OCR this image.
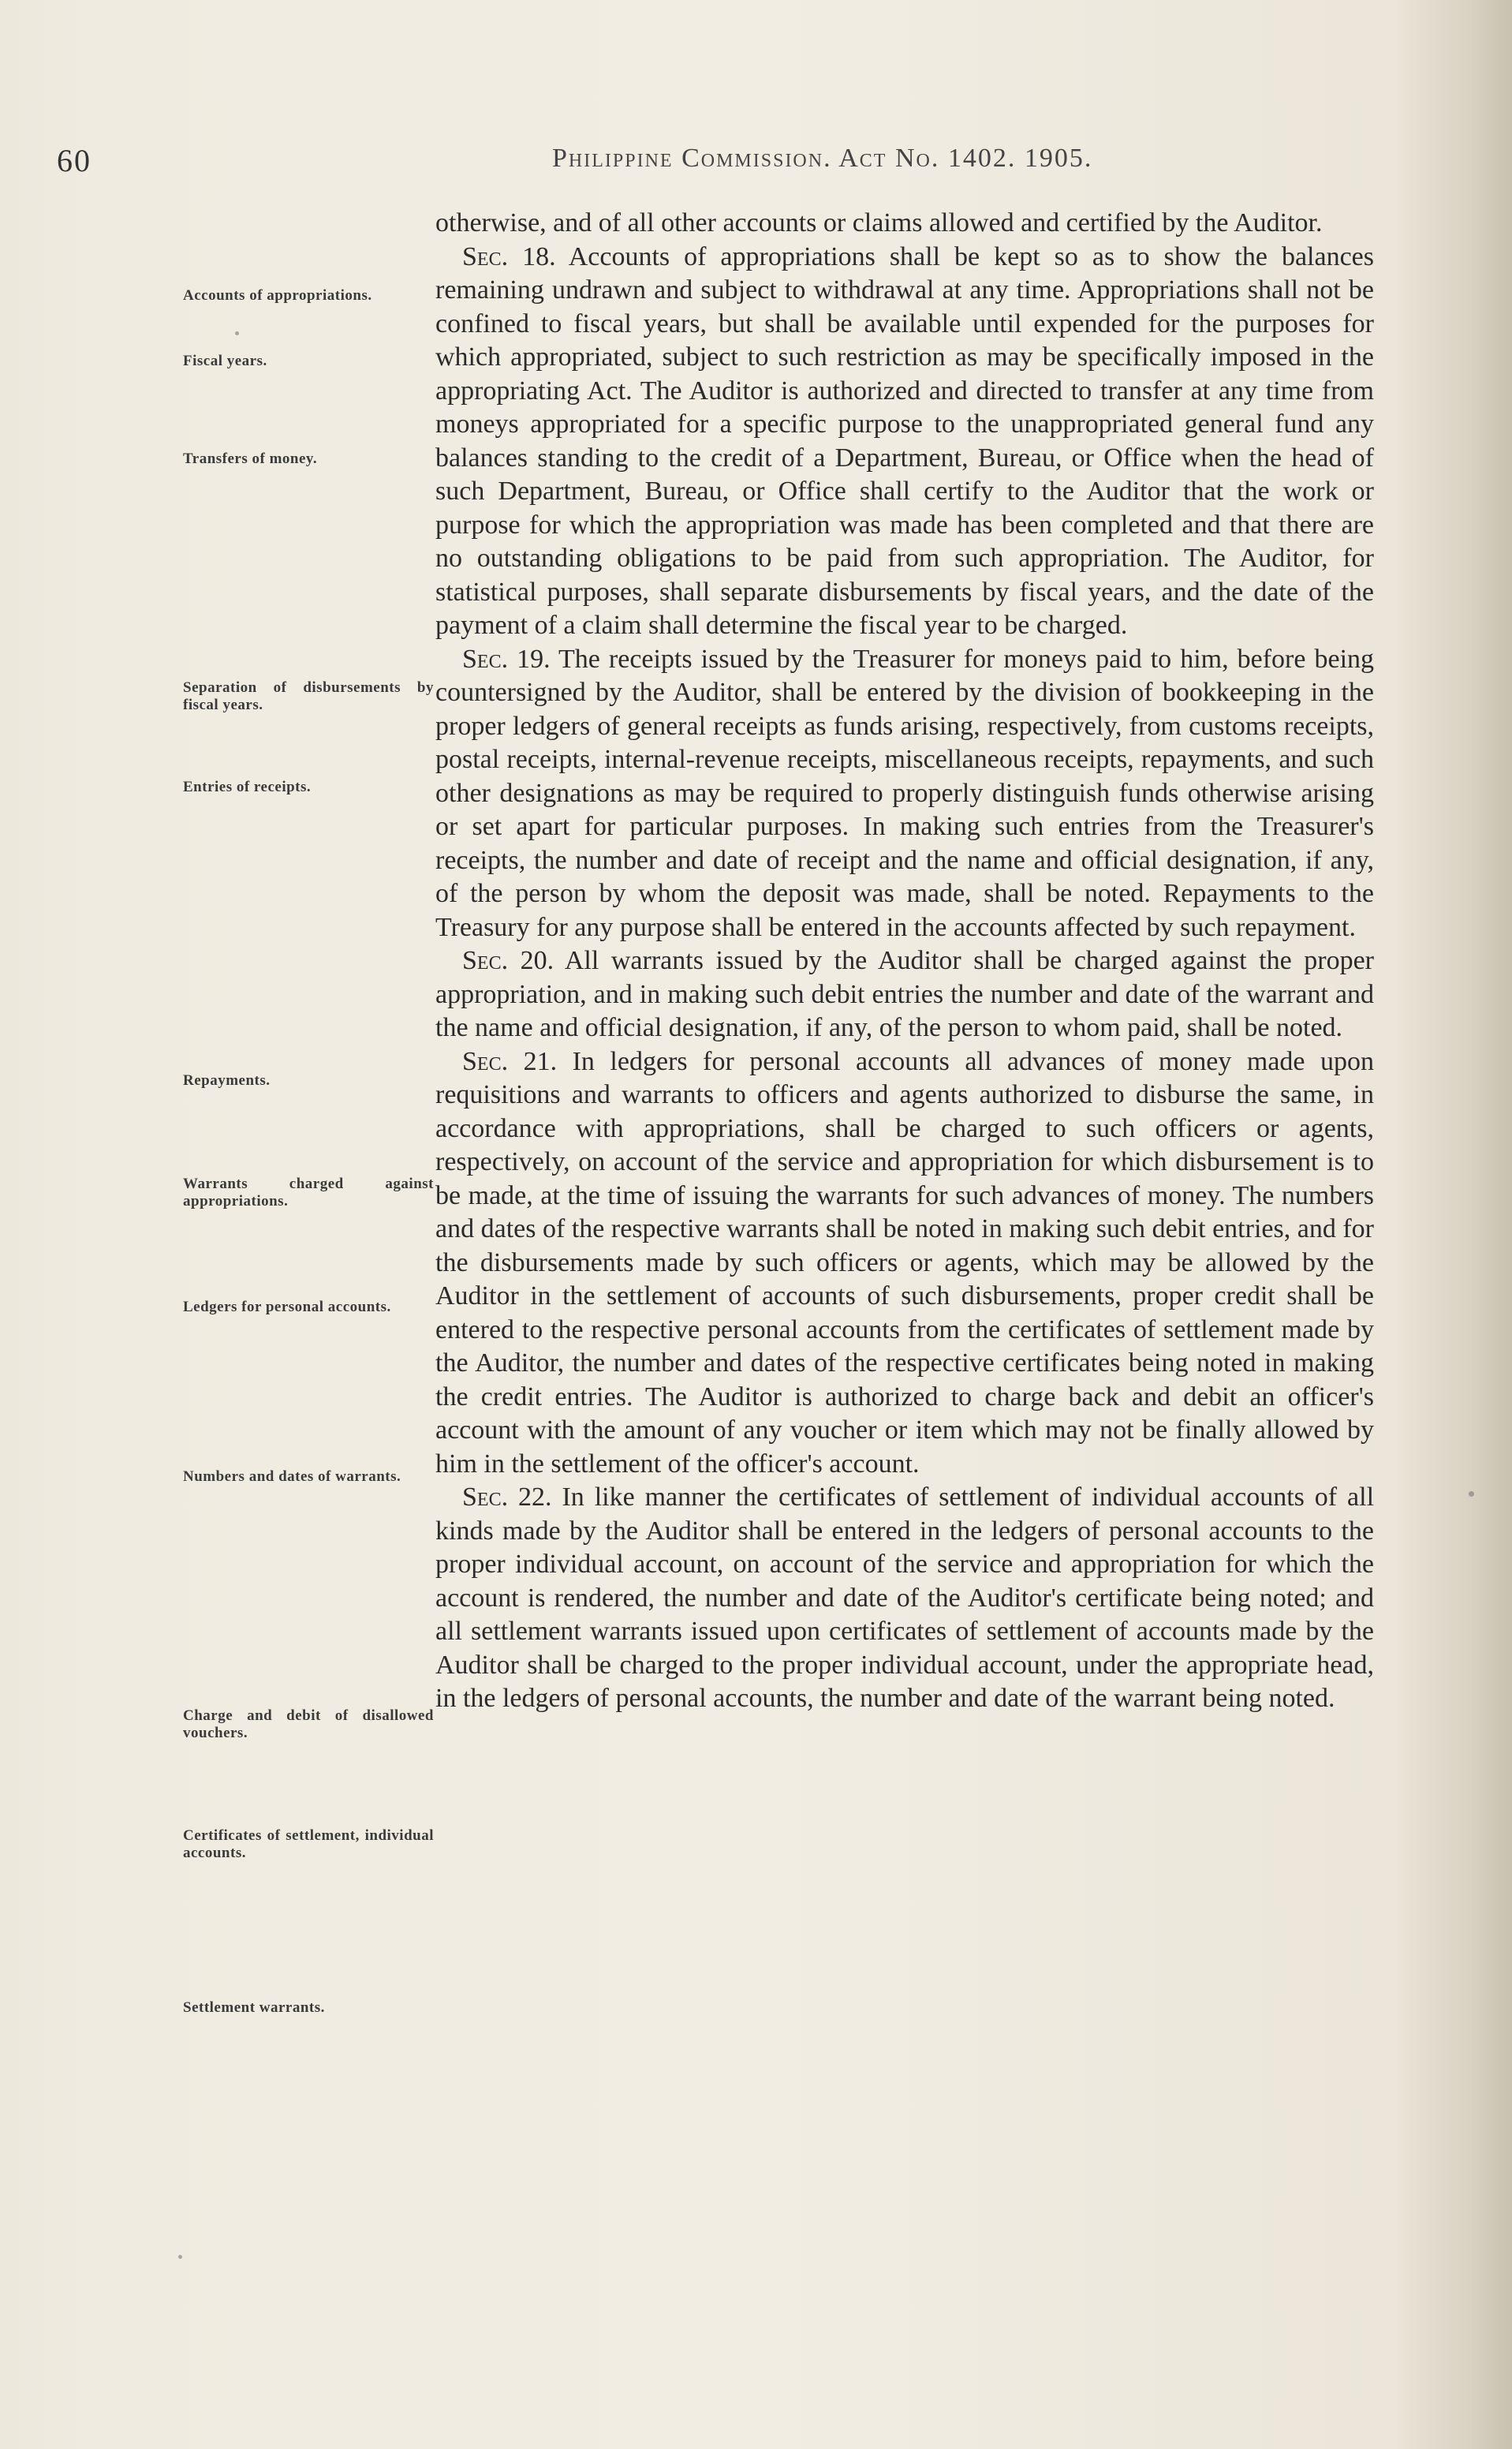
60	Philippine Commission. Act No. 1402. 1905.
Accounts of appropriations.
Fiscal years.
Transfers of money.
Separation of disbursements by fiscal years.
Entries of receipts.
Repayments.
Warrants charged against appropriations.
Ledgers for personal accounts.
Numbers and dates of warrants.
Charge and debit of disallowed vouchers.
Certificates of settlement, individual accounts.
Settlement warrants.

otherwise, and of all other accounts or claims allowed and certified by the Auditor.

Sec. 18. Accounts of appropriations shall be kept so as to show the balances remaining undrawn and subject to withdrawal at any time. Appropriations shall not be confined to fiscal years, but shall be available until expended for the purposes for which appropriated, subject to such restriction as may be specifically imposed in the appropriating Act. The Auditor is authorized and directed to transfer at any time from moneys appropriated for a specific purpose to the unappropriated general fund any balances standing to the credit of a Department, Bureau, or Office when the head of such Department, Bureau, or Office shall certify to the Auditor that the work or purpose for which the appropriation was made has been completed and that there are no outstanding obligations to be paid from such appropriation. The Auditor, for statistical purposes, shall separate disbursements by fiscal years, and the date of the payment of a claim shall determine the fiscal year to be charged.

Sec. 19. The receipts issued by the Treasurer for moneys paid to him, before being countersigned by the Auditor, shall be entered by the division of bookkeeping in the proper ledgers of general receipts as funds arising, respectively, from customs receipts, postal receipts, internal-revenue receipts, miscellaneous receipts, repayments, and such other designations as may be required to properly distinguish funds otherwise arising or set apart for particular purposes. In making such entries from the Treasurer's receipts, the number and date of receipt and the name and official designation, if any, of the person by whom the deposit was made, shall be noted. Repayments to the Treasury for any purpose shall be entered in the accounts affected by such repayment.

Sec. 20. All warrants issued by the Auditor shall be charged against the proper appropriation, and in making such debit entries the number and date of the warrant and the name and official designation, if any, of the person to whom paid, shall be noted.

Sec. 21. In ledgers for personal accounts all advances of money made upon requisitions and warrants to officers and agents authorized to disburse the same, in accordance with appropriations, shall be charged to such officers or agents, respectively, on account of the service and appropriation for which disbursement is to be made, at the time of issuing the warrants for such advances of money. The numbers and dates of the respective warrants shall be noted in making such debit entries, and for the disbursements made by such officers or agents, which may be allowed by the Auditor in the settlement of accounts of such disbursements, proper credit shall be entered to the respective personal accounts from the certificates of settlement made by the Auditor, the number and dates of the respective certificates being noted in making the credit entries. The Auditor is authorized to charge back and debit an officer's account with the amount of any voucher or item which may not be finally allowed by him in the settlement of the officer's account.

Sec. 22. In like manner the certificates of settlement of individual accounts of all kinds made by the Auditor shall be entered in the ledgers of personal accounts to the proper individual account, on account of the service and appropriation for which the account is rendered, the number and date of the Auditor's certificate being noted; and all settlement warrants issued upon certificates of settlement of accounts made by the Auditor shall be charged to the proper individual account, under the appropriate head, in the ledgers of personal accounts, the number and date of the warrant being noted.
